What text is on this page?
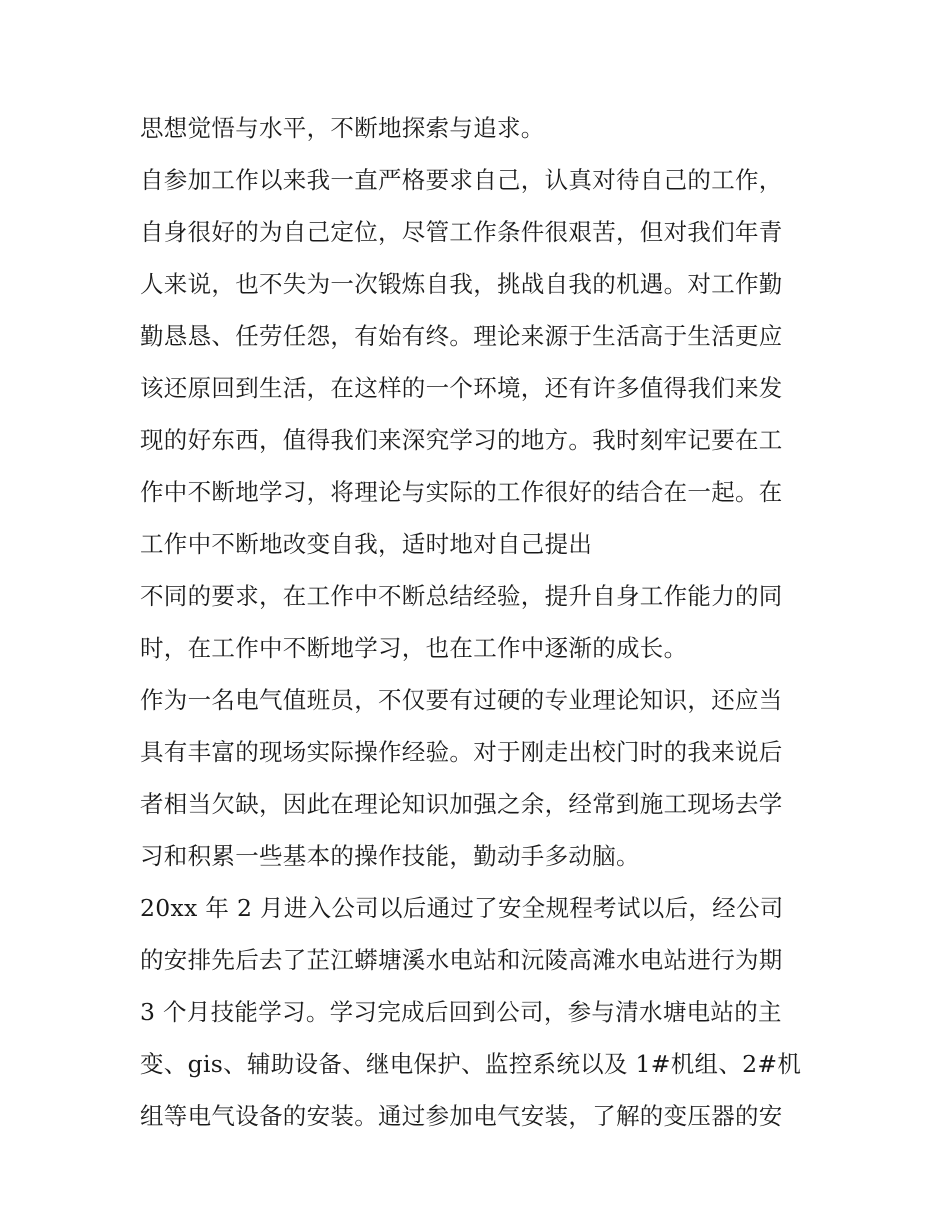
思想觉悟与水平，不断地探索与追求。
自参加工作以来我一直严格要求自己，认真对待自己的工作，
自身很好的为自己定位，尽管工作条件很艰苦，但对我们年青
人来说，也不失为一次锻炼自我，挑战自我的机遇。对工作勤
勤恳恳、任劳任怨，有始有终。理论来源于生活高于生活更应
该还原回到生活，在这样的一个环境，还有许多值得我们来发
现的好东西，值得我们来深究学习的地方。我时刻牢记要在工
作中不断地学习，将理论与实际的工作很好的结合在一起。在
工作中不断地改变自我，适时地对自己提出
不同的要求，在工作中不断总结经验，提升自身工作能力的同
时，在工作中不断地学习，也在工作中逐渐的成长。
作为一名电气值班员，不仅要有过硬的专业理论知识，还应当
具有丰富的现场实际操作经验。对于刚走出校门时的我来说后
者相当欠缺，因此在理论知识加强之余，经常到施工现场去学
习和积累一些基本的操作技能，勤动手多动脑。
20xx 年 2 月进入公司以后通过了安全规程考试以后，经公司
的安排先后去了芷江蟒塘溪水电站和沅陵高滩水电站进行为期
3 个月技能学习。学习完成后回到公司，参与清水塘电站的主
变、gis、辅助设备、继电保护、监控系统以及 1#机组、2#机
组等电气设备的安装。通过参加电气安装，了解的变压器的安
